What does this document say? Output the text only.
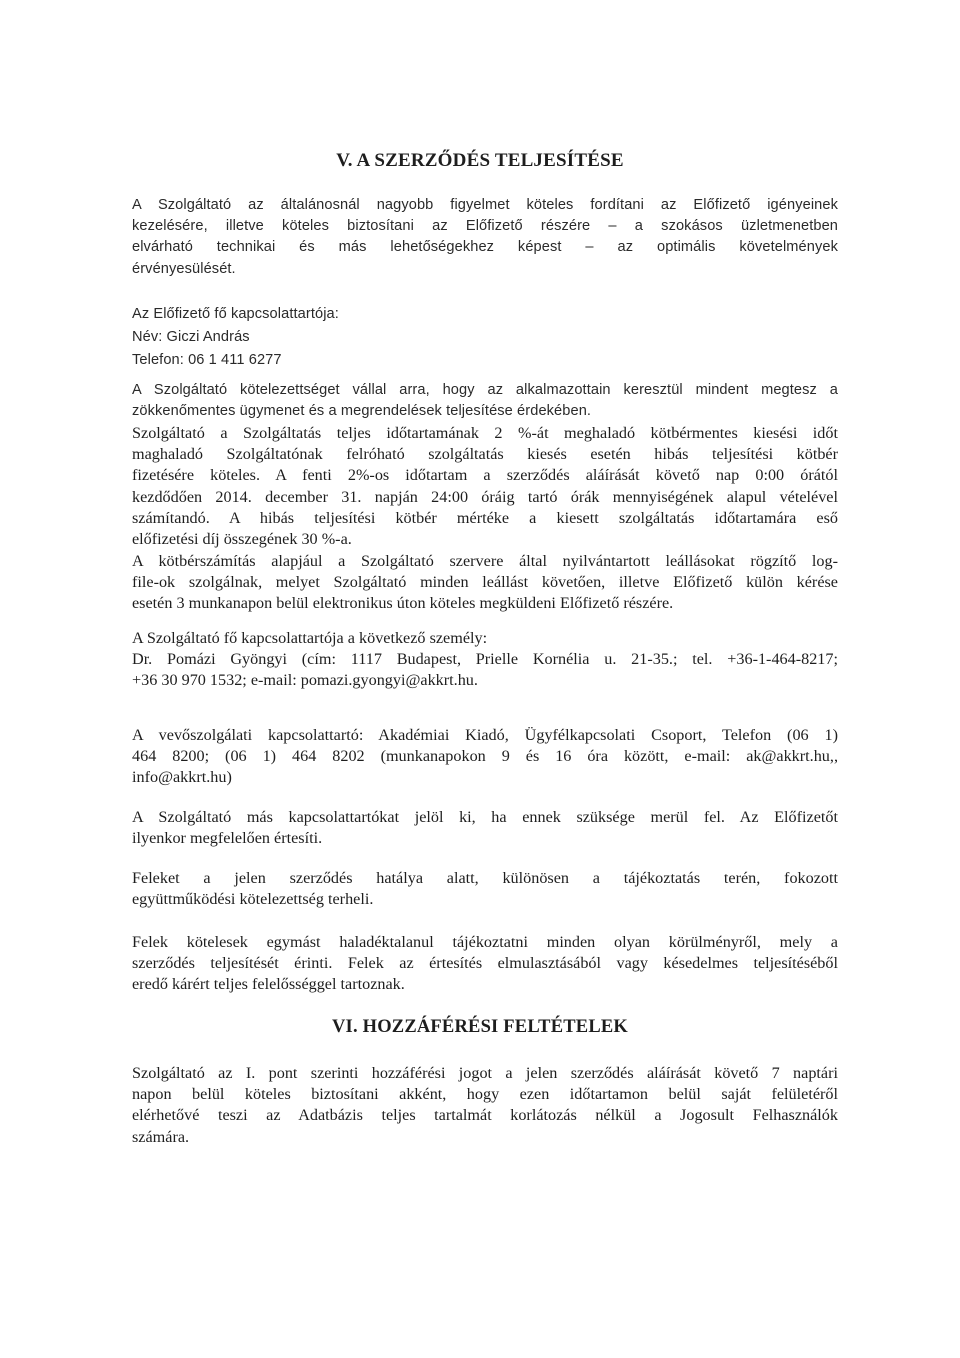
V. A SZERZŐDÉS TELJESÍTÉSE
A Szolgáltató az általánosnál nagyobb figyelmet köteles fordítani az Előfizető igényeinek
kezelésére, illetve köteles biztosítani az Előfizető részére – a szokásos üzletmenetben
elvárható technikai és más lehetőségekhez képest – az optimális követelmények
érvényesülését.
Az Előfizető fő kapcsolattartója:
Név: Giczi András
Telefon: 06 1 411 6277
A Szolgáltató kötelezettséget vállal arra, hogy az alkalmazottain keresztül mindent megtesz a
zökkenőmentes ügymenet és a megrendelések teljesítése érdekében.
Szolgáltató a Szolgáltatás teljes időtartamának 2 %-át meghaladó kötbérmentes kiesési időt
maghaladó Szolgáltatónak felróható szolgáltatás kiesés esetén hibás teljesítési kötbér
fizetésére köteles. A fenti 2%-os időtartam a szerződés aláírását követő nap 0:00 órától
kezdődően 2014. december 31. napján 24:00 óráig tartó órák mennyiségének alapul vételével
számítandó. A hibás teljesítési kötbér mértéke a kiesett szolgáltatás időtartamára eső
előfizetési díj összegének 30 %-a.
A kötbérszámítás alapjául a Szolgáltató szervere által nyilvántartott leállásokat rögzítő log-
file-ok szolgálnak, melyet Szolgáltató minden leállást követően, illetve Előfizető külön kérése
esetén 3 munkanapon belül elektronikus úton köteles megküldeni Előfizető részére.
A Szolgáltató fő kapcsolattartója a következő személy:
Dr. Pomázi Gyöngyi (cím: 1117 Budapest, Prielle Kornélia u. 21-35.; tel. +36-1-464-8217;
+36 30 970 1532; e-mail: pomazi.gyongyi@akkrt.hu.
A vevőszolgálati kapcsolattartó: Akadémiai Kiadó, Ügyfélkapcsolati Csoport, Telefon (06 1)
464 8200; (06 1) 464 8202 (munkanapokon 9 és 16 óra között, e-mail: ak@akkrt.hu,,
info@akkrt.hu)
A Szolgáltató más kapcsolattartókat jelöl ki, ha ennek szüksége merül fel. Az Előfizetőt
ilyenkor megfelelően értesíti.
Feleket a jelen szerződés hatálya alatt, különösen a tájékoztatás terén, fokozott
együttműködési kötelezettség terheli.
Felek kötelesek egymást haladéktalanul tájékoztatni minden olyan körülményről, mely a
szerződés teljesítését érinti. Felek az értesítés elmulasztásából vagy késedelmes teljesítéséből
eredő kárért teljes felelősséggel tartoznak.
VI. HOZZÁFÉRÉSI FELTÉTELEK
Szolgáltató az I. pont szerinti hozzáférési jogot a jelen szerződés aláírását követő 7 naptári
napon belül köteles biztosítani akként, hogy ezen időtartamon belül saját felületéről
elérhetővé teszi az Adatbázis teljes tartalmát korlátozás nélkül a Jogosult Felhasználók
számára.
